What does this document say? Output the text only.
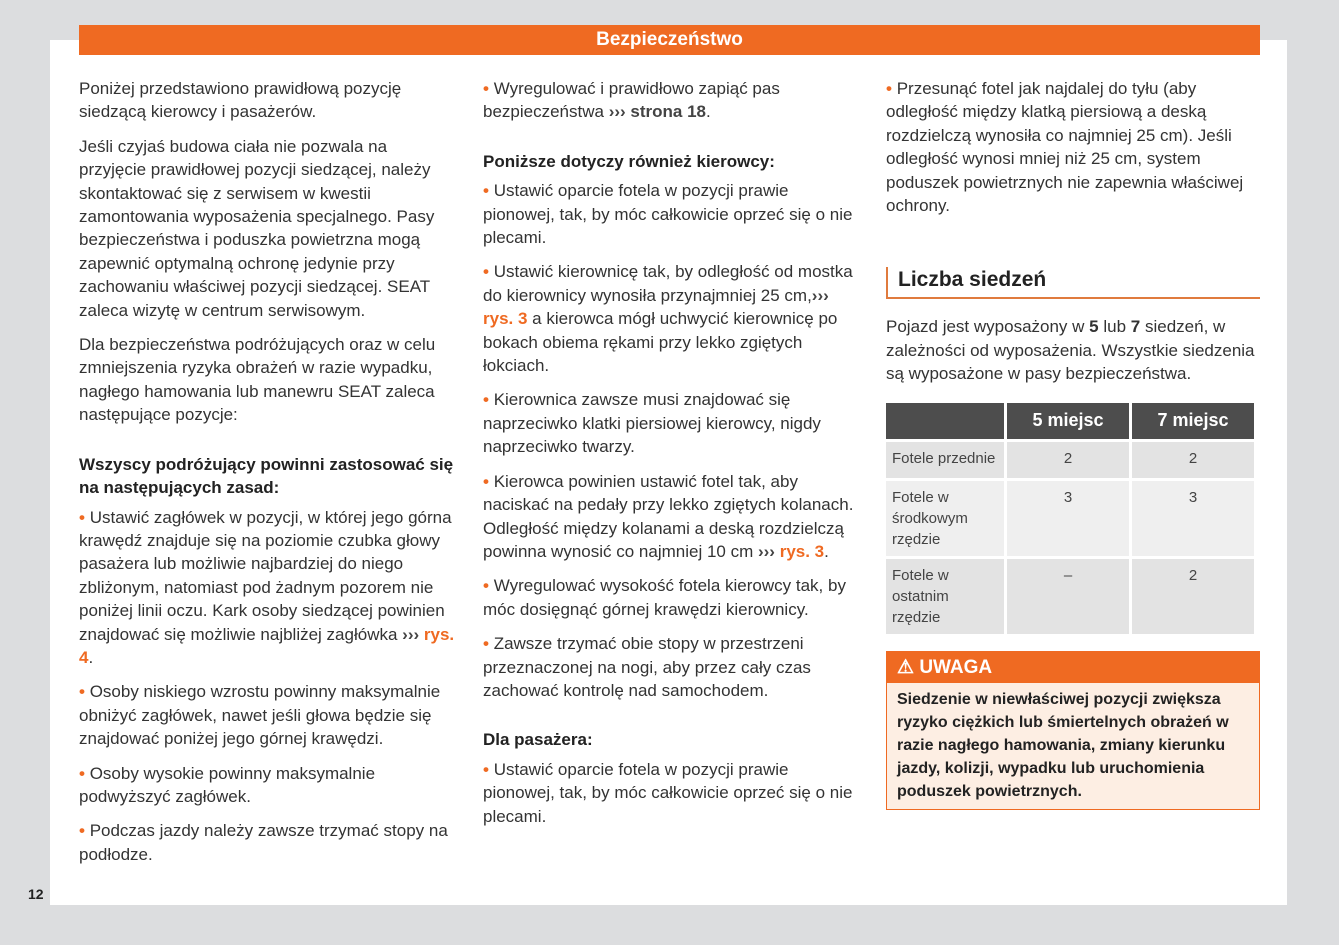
Bezpieczeństwo

Poniżej przedstawiono prawidłową pozycję siedzącą kierowcy i pasażerów.

Jeśli czyjaś budowa ciała nie pozwala na przyjęcie prawidłowej pozycji siedzącej, należy skontaktować się z serwisem w kwestii zamontowania wyposażenia specjalnego. Pasy bezpieczeństwa i poduszka powietrzna mogą zapewnić optymalną ochronę jedynie przy zachowaniu właściwej pozycji siedzącej. SEAT zaleca wizytę w centrum serwisowym.

Dla bezpieczeństwa podróżujących oraz w celu zmniejszenia ryzyka obrażeń w razie wypadku, nagłego hamowania lub manewru SEAT zaleca następujące pozycje:

Wszyscy podróżujący powinni zastosować się na następujących zasad:

• Ustawić zagłówek w pozycji, w której jego górna krawędź znajduje się na poziomie czubka głowy pasażera lub możliwie najbardziej do niego zbliżonym, natomiast pod żadnym pozorem nie poniżej linii oczu. Kark osoby siedzącej powinien znajdować się możliwie najbliżej zagłówka ››› rys. 4.

• Osoby niskiego wzrostu powinny maksymalnie obniżyć zagłówek, nawet jeśli głowa będzie się znajdować poniżej jego górnej krawędzi.

• Osoby wysokie powinny maksymalnie podwyższyć zagłówek.

• Podczas jazdy należy zawsze trzymać stopy na podłodze.

• Wyregulować i prawidłowo zapiąć pas bezpieczeństwa ››› strona 18.

Poniższe dotyczy również kierowcy:

• Ustawić oparcie fotela w pozycji prawie pionowej, tak, by móc całkowicie oprzeć się o nie plecami.

• Ustawić kierownicę tak, by odległość od mostka do kierownicy wynosiła przynajmniej 25 cm,››› rys. 3 a kierowca mógł uchwycić kierownicę po bokach obiema rękami przy lekko zgiętych łokciach.

• Kierownica zawsze musi znajdować się naprzeciwko klatki piersiowej kierowcy, nigdy naprzeciwko twarzy.

• Kierowca powinien ustawić fotel tak, aby naciskać na pedały przy lekko zgiętych kolanach. Odległość między kolanami a deską rozdzielczą powinna wynosić co najmniej 10 cm ››› rys. 3.

• Wyregulować wysokość fotela kierowcy tak, by móc dosięgnąć górnej krawędzi kierownicy.

• Zawsze trzymać obie stopy w przestrzeni przeznaczonej na nogi, aby przez cały czas zachować kontrolę nad samochodem.

Dla pasażera:

• Ustawić oparcie fotela w pozycji prawie pionowej, tak, by móc całkowicie oprzeć się o nie plecami.

• Przesunąć fotel jak najdalej do tyłu (aby odległość między klatką piersiową a deską rozdzielczą wynosiła co najmniej 25 cm). Jeśli odległość wynosi mniej niż 25 cm, system poduszek powietrznych nie zapewnia właściwej ochrony.

Liczba siedzeń

Pojazd jest wyposażony w 5 lub 7 siedzeń, w zależności od wyposażenia. Wszystkie siedzenia są wyposażone w pasy bezpieczeństwa.

	5 miejsc	7 miejsc
Fotele przednie	2	2
Fotele w środkowym rzędzie	3	3
Fotele w ostatnim rzędzie	–	2
⚠ UWAGA
Siedzenie w niewłaściwej pozycji zwiększa ryzyko ciężkich lub śmiertelnych obrażeń w razie nagłego hamowania, zmiany kierunku jazdy, kolizji, wypadku lub uruchomienia poduszek powietrznych.
12
